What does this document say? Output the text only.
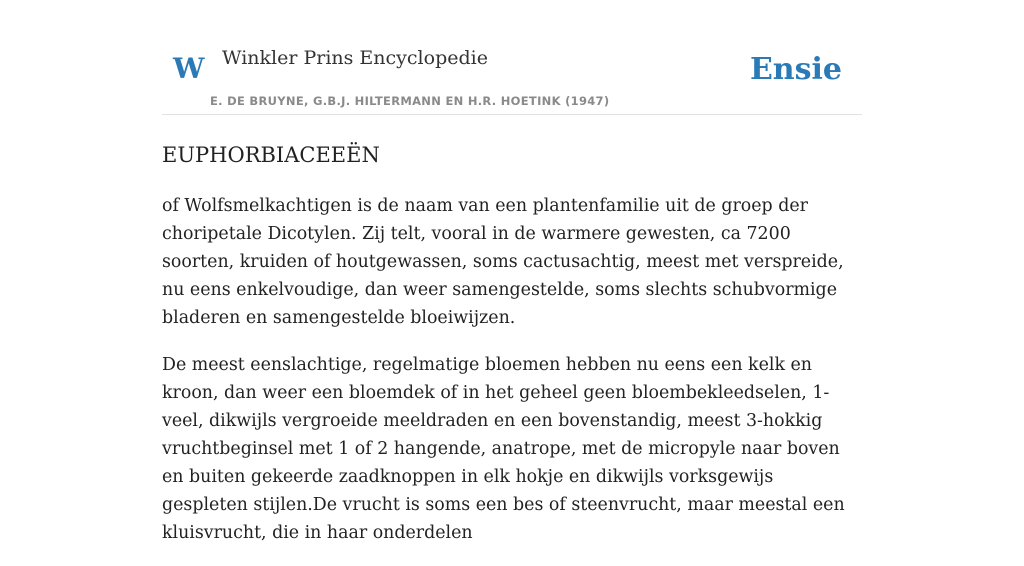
W Winkler Prins Encyclopedie
E. DE BRUYNE, G.B.J. HILTERMANN EN H.R. HOETINK (1947)
Ensie
EUPHORBIACEEËN

of Wolfsmelkachtigen is de naam van een plantenfamilie uit de groep der choripetale Dicotylen. Zij telt, vooral in de warmere gewesten, ca 7200 soorten, kruiden of houtgewassen, soms cactusachtig, meest met verspreide, nu eens enkelvoudige, dan weer samengestelde, soms slechts schubvormige bladeren en samengestelde bloeiwijzen.

De meest eenslachtige, regelmatige bloemen hebben nu eens een kelk en kroon, dan weer een bloemdek of in het geheel geen bloembekleedselen, 1- veel, dikwijls vergroeide meeldraden en een bovenstandig, meest 3-hokkig vruchtbeginsel met 1 of 2 hangende, anatrope, met de micropyle naar boven en buiten gekeerde zaadknoppen in elk hokje en dikwijls vorksgewijs gespleten stijlen.De vrucht is soms een bes of steenvrucht, maar meestal een kluisvrucht, die in haar onderdelen
